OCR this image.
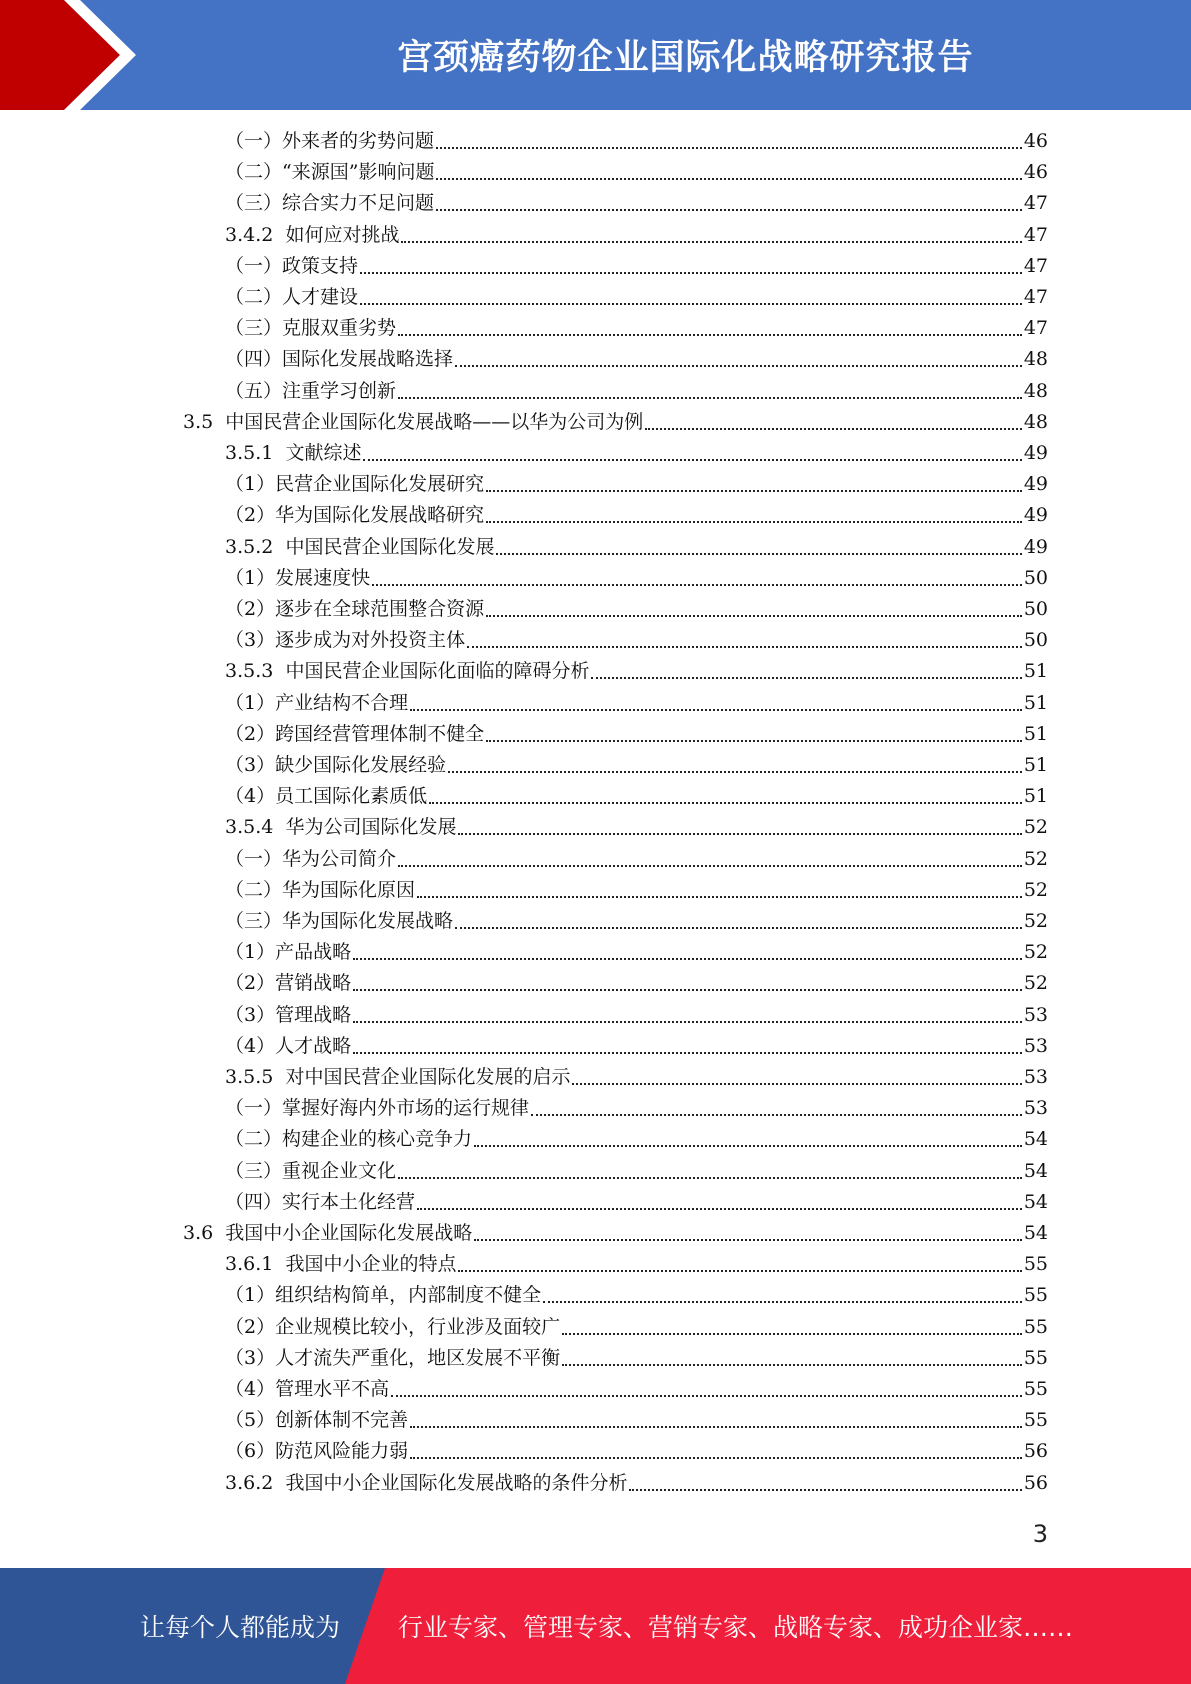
宫颈癌药物企业国际化战略研究报告
（一） 外来者的劣势问题	46
（二） “来源国”影响问题	46
（三） 综合实力不足问题	47
3.4.2 如何应对挑战	47
（一） 政策支持	47
（二） 人才建设	47
（三） 克服双重劣势	47
（四） 国际化发展战略选择	48
（五） 注重学习创新	48
3.5 中国民营企业国际化发展战略——以华为公司为例	48
3.5.1 文献综述	49
（1） 民营企业国际化发展研究	49
（2） 华为国际化发展战略研究	49
3.5.2 中国民营企业国际化发展	49
（1） 发展速度快	50
（2） 逐步在全球范围整合资源	50
（3） 逐步成为对外投资主体	50
3.5.3 中国民营企业国际化面临的障碍分析	51
（1） 产业结构不合理	51
（2） 跨国经营管理体制不健全	51
（3） 缺少国际化发展经验	51
（4） 员工国际化素质低	51
3.5.4 华为公司国际化发展	52
（一） 华为公司简介	52
（二） 华为国际化原因	52
（三） 华为国际化发展战略	52
（1） 产品战略	52
（2） 营销战略	52
（3） 管理战略	53
（4） 人才战略	53
3.5.5 对中国民营企业国际化发展的启示	53
（一） 掌握好海内外市场的运行规律	53
（二） 构建企业的核心竞争力	54
（三） 重视企业文化	54
（四） 实行本土化经营	54
3.6 我国中小企业国际化发展战略	54
3.6.1 我国中小企业的特点	55
（1） 组织结构简单，内部制度不健全	55
（2） 企业规模比较小，行业涉及面较广	55
（3） 人才流失严重化，地区发展不平衡	55
（4） 管理水平不高	55
（5） 创新体制不完善	55
（6） 防范风险能力弱	56
3.6.2 我国中小企业国际化发展战略的条件分析	56
3
让每个人都能成为 行业专家、管理专家、营销专家、战略专家、成功企业家……
